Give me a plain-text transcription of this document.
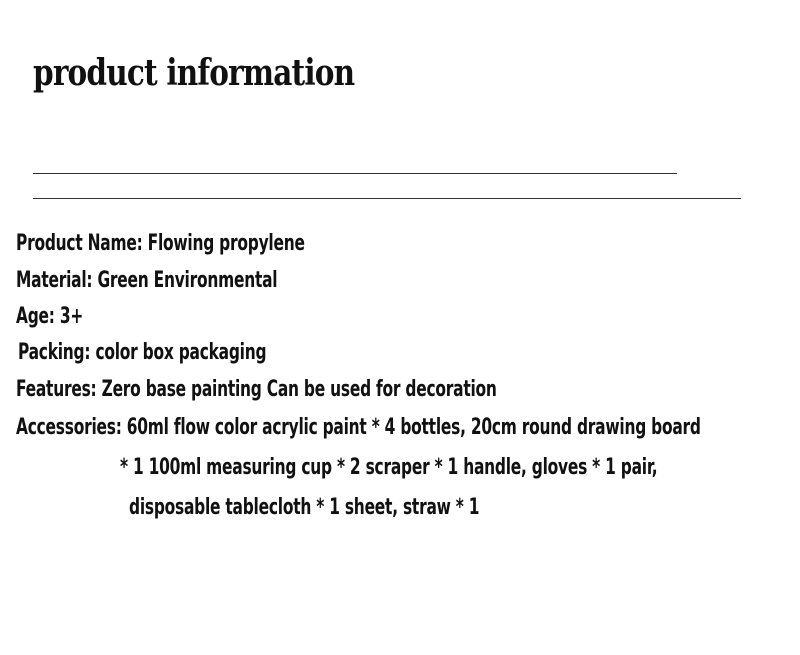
product information
Product Name: Flowing propylene
Material: Green Environmental
Age: 3+
Packing: color box packaging
Features: Zero base painting Can be used for decoration
Accessories: 60ml flow color acrylic paint * 4 bottles, 20cm round drawing board
* 1 100ml measuring cup * 2 scraper * 1 handle, gloves * 1 pair,
disposable tablecloth * 1 sheet, straw * 1
